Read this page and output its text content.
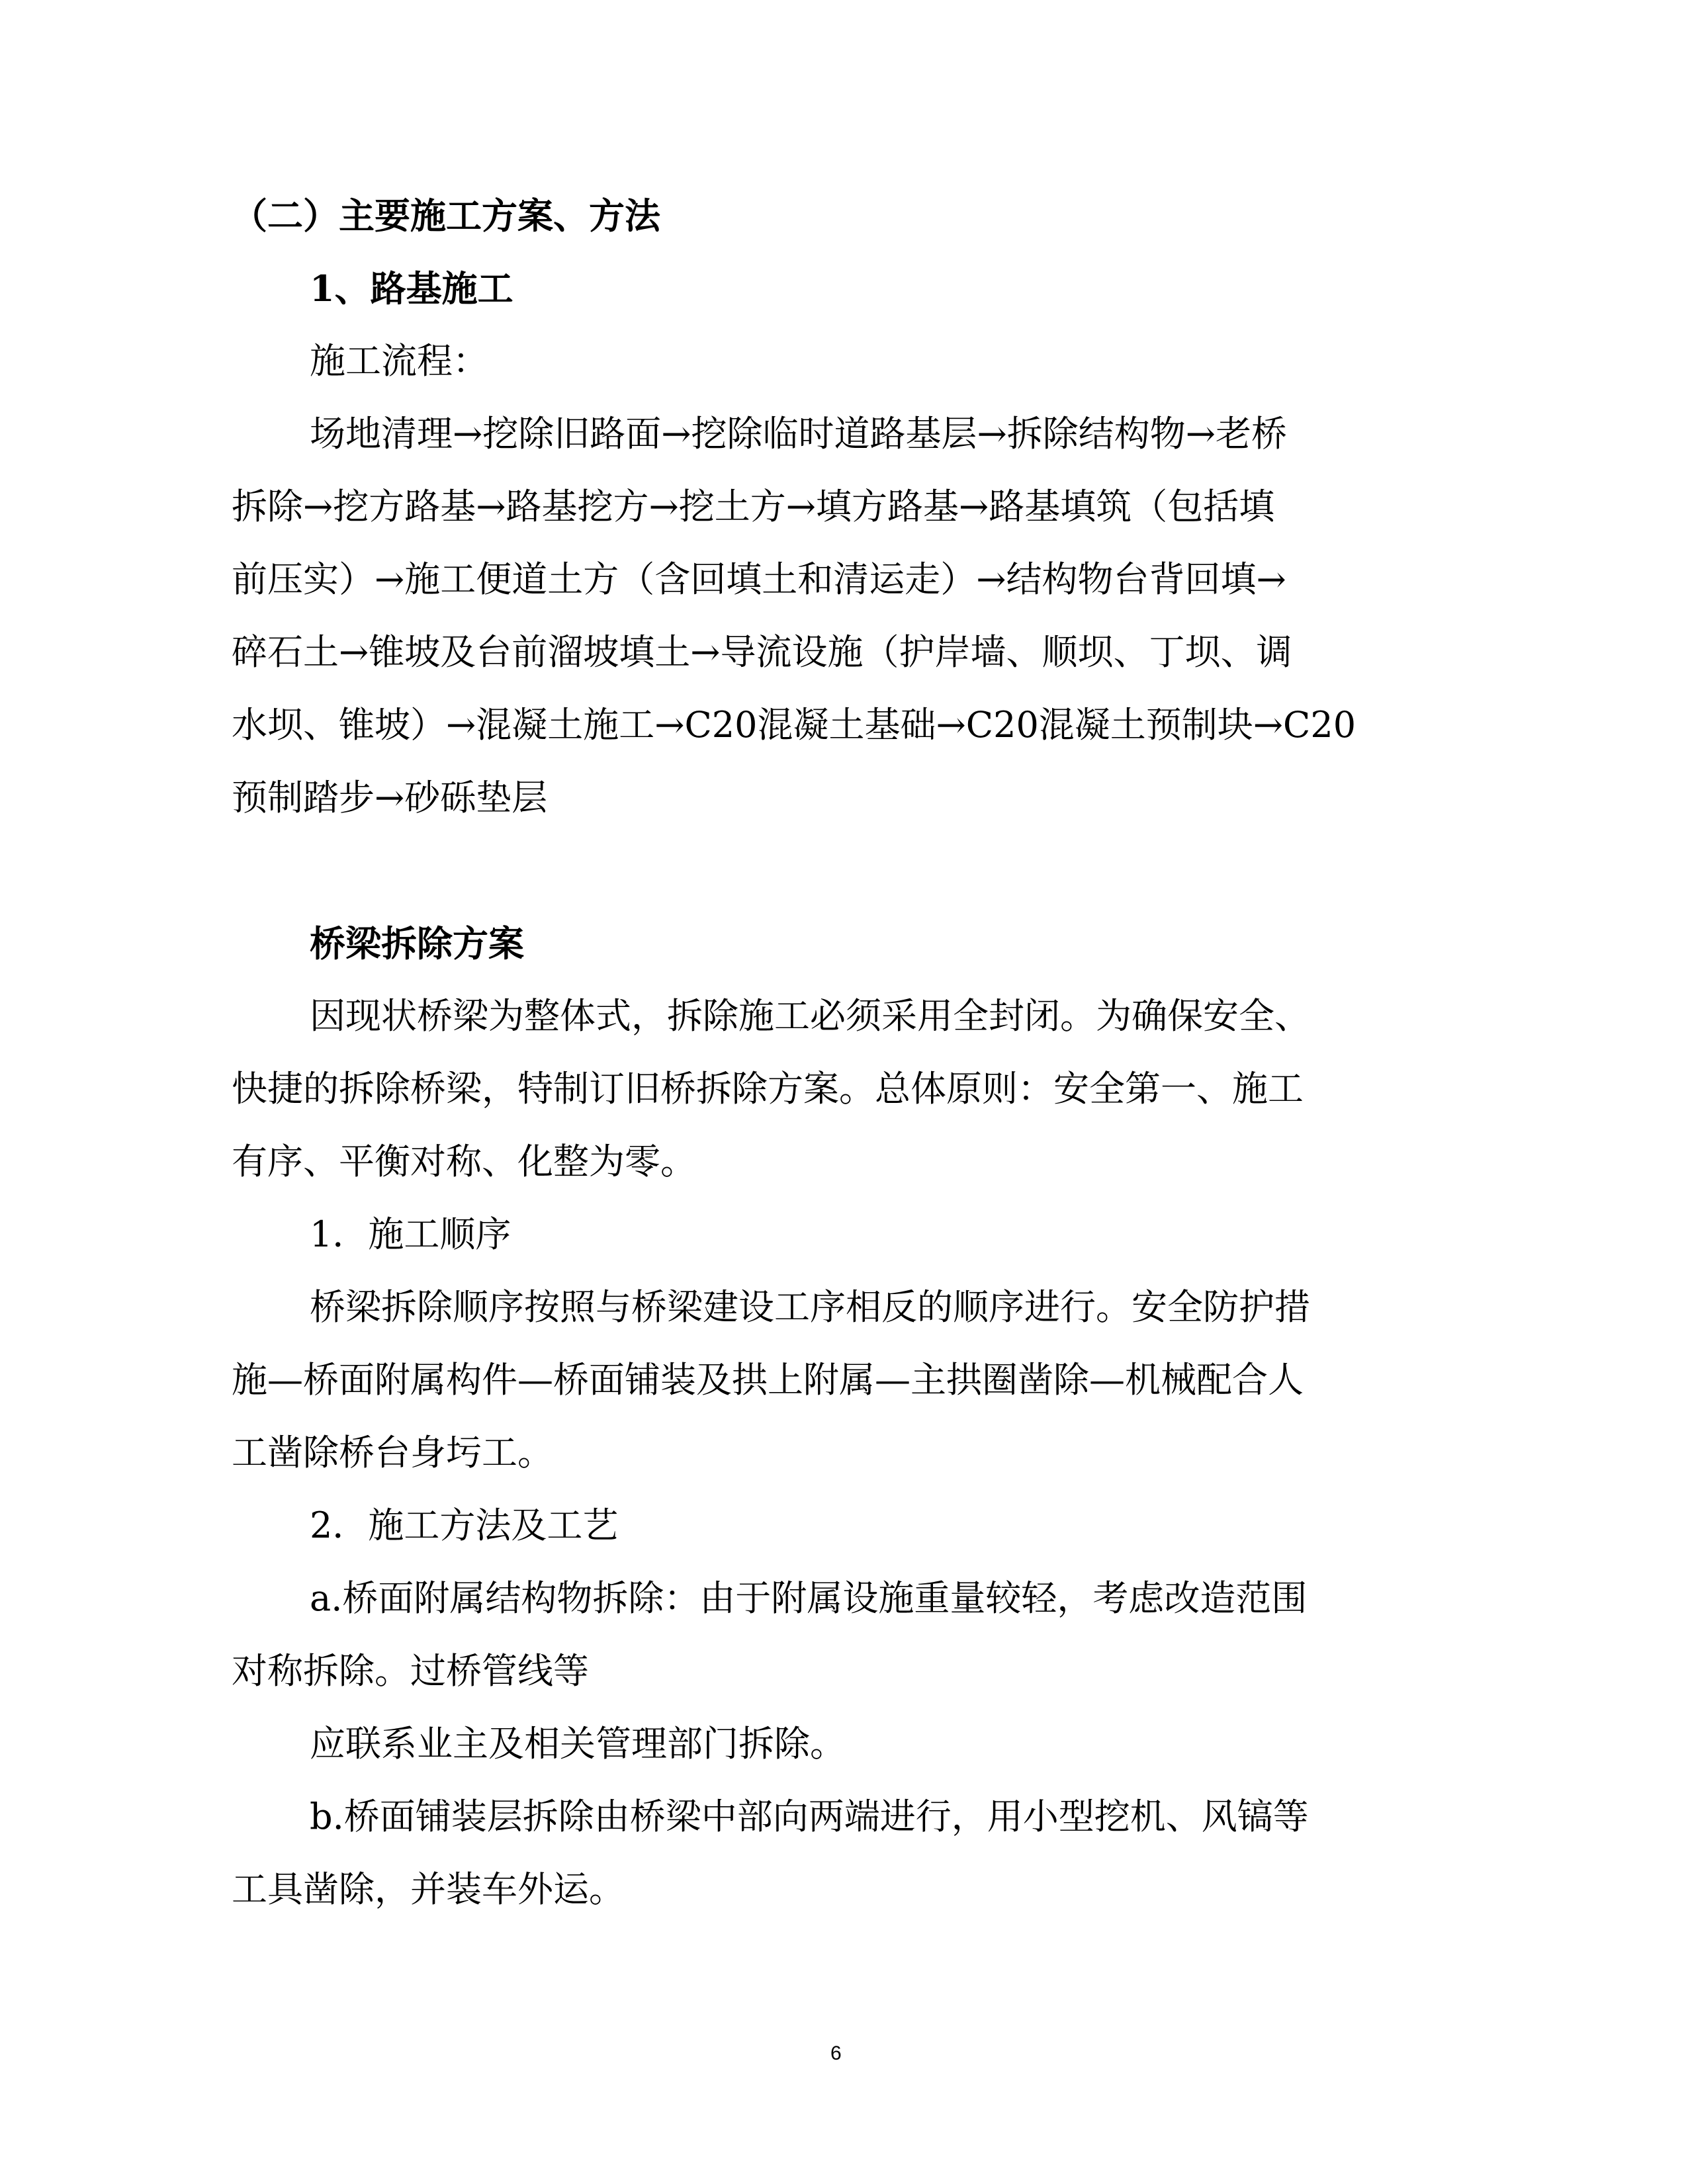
（二）主要施工方案、方法
1、路基施工
施工流程：
场地清理→挖除旧路面→挖除临时道路基层→拆除结构物→老桥
拆除→挖方路基→路基挖方→挖土方→填方路基→路基填筑（包括填
前压实）→施工便道土方（含回填土和清运走）→结构物台背回填→
碎石土→锥坡及台前溜坡填土→导流设施（护岸墙、顺坝、丁坝、调
水坝、锥坡）→混凝土施工→C20混凝土基础→C20混凝土预制块→C20
预制踏步→砂砾垫层
桥梁拆除方案
因现状桥梁为整体式，拆除施工必须采用全封闭。为确保安全、
快捷的拆除桥梁，特制订旧桥拆除方案。总体原则：安全第一、施工
有序、平衡对称、化整为零。
1．施工顺序
桥梁拆除顺序按照与桥梁建设工序相反的顺序进行。安全防护措
施—桥面附属构件—桥面铺装及拱上附属—主拱圈凿除—机械配合人
工凿除桥台身圬工。
2．施工方法及工艺
a.桥面附属结构物拆除：由于附属设施重量较轻，考虑改造范围
对称拆除。过桥管线等
应联系业主及相关管理部门拆除。
b.桥面铺装层拆除由桥梁中部向两端进行，用小型挖机、风镐等
工具凿除，并装车外运。
6
